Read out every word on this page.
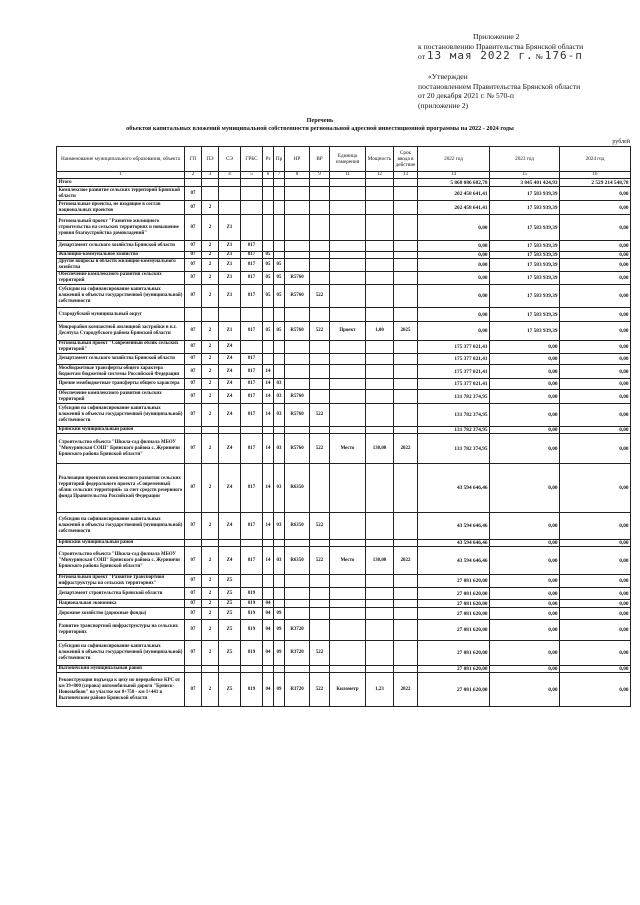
Приложение 2
к постановлению Правительства Брянской области
от 13 мая 2022 г. № 176-п
«Утвержден
постановлением Правительства Брянской области
от 20 декабря 2021 г. № 570-п
(приложение 2)
Перечень
объектов капитальных вложений муниципальной собственности региональной адресной инвестиционной программы на 2022 - 2024 годы
рублей
Наименование муниципального образования, объекта	ГП	ПЭ	СЭ	ГРБС	Рз	Пр	НР	ВР	Единица измерения	Мощность	Срок ввода в действие	2022 год	2023 год	2024 год
1	2	3	4	5	6	7	8	9	11	12	13	14	15	16
Итого												5 868 086 682,78	3 845 401 424,93	2 529 214 548,78
Комплексное развитие сельских территорий Брянской области	07											202 458 641,41	17 583 939,39	0,00
Региональные проекты, не входящие в состав национальных проектов	07	2										202 458 641,41	17 583 939,39	0,00
Региональный проект "Развитие жилищного строительства на сельских территориях и повышение уровня благоустройства домовладений"	07	2	Z1									0,00	17 583 939,39	0,00
Департамент сельского хозяйства Брянской области	07	2	Z1	817								0,00	17 583 939,39	0,00
Жилищно-коммунальное хозяйство	07	2	Z1	817	05							0,00	17 583 939,39	0,00
Другие вопросы в области жилищно-коммунального хозяйства	07	2	Z1	817	05	05						0,00	17 583 939,39	0,00
Обеспечение комплексного развития сельских территорий	07	2	Z1	817	05	05	R5760					0,00	17 583 939,39	0,00
Субсидии на софинансирование капитальных вложений в объекты государственной (муниципальной) собственности	07	2	Z1	817	05	05	R5760	522				0,00	17 583 939,39	0,00
Стародубский муниципальный округ												0,00	17 583 939,39	0,00
Микрорайон компактной жилищной застройки в п.г. Десятуха Стародубского района Брянской области	07	2	Z1	817	05	05	R5760	522	Проект	1,00	2025	0,00	17 583 939,39	0,00
Региональный проект "Современный облик сельских территорий"	07	2	Z4									175 377 021,41	0,00	0,00
Департамент сельского хозяйства Брянской области	07	2	Z4	817								175 377 021,41	0,00	0,00
Межбюджетные трансферты общего характера бюджетам бюджетной системы Российской Федерации	07	2	Z4	817	14							175 377 021,41	0,00	0,00
Прочие межбюджетные трансферты общего характера	07	2	Z4	817	14	03						175 377 021,41	0,00	0,00
Обеспечение комплексного развития сельских территорий	07	2	Z4	817	14	03	R5760					131 782 374,95	0,00	0,00
Субсидии на софинансирование капитальных вложений в объекты государственной (муниципальной) собственности	07	2	Z4	817	14	03	R5760	522				131 782 374,95	0,00	0,00
Брянский муниципальный район												131 782 374,95	0,00	0,00
Строительство объекта "Школа-сад филиала МБОУ "Мичуринская СОШ" Брянского района с. Журиничи Брянского района Брянской области"	07	2	Z4	817	14	03	R5760	522	Место	130,00	2022	131 782 374,95	0,00	0,00
Реализация проектов комплексного развития сельских территорий федерального проекта «Современный облик сельских территорий» за счет средств резервного фонда Правительства Российской Федерации	07	2	Z4	817	14	03	R6350					43 594 646,46	0,00	0,00
Субсидии на софинансирование капитальных вложений в объекты государственной (муниципальной) собственности	07	2	Z4	817	14	03	R6350	522				43 594 646,46	0,00	0,00
Брянский муниципальный район												43 594 646,46	0,00	0,00
Строительство объекта "Школа-сад филиала МБОУ "Мичуринская СОШ" Брянского района с. Журиничи Брянского района Брянской области"	07	2	Z4	817	14	03	R6350	522	Место	130,00	2022	43 594 646,46	0,00	0,00
Региональный проект "Развитие транспортной инфраструктуры на сельских территориях"	07	2	Z5									27 081 620,00	0,00	0,00
Департамент строительства Брянской области	07	2	Z5	819								27 081 620,00	0,00	0,00
Национальная экономика	07	2	Z5	819	04							27 081 620,00	0,00	0,00
Дорожное хозяйство (дорожные фонды)	07	2	Z5	819	04	09						27 081 620,00	0,00	0,00
Развитие транспортной инфраструктуры на сельских территориях	07	2	Z5	819	04	09	R3720					27 081 620,00	0,00	0,00
Субсидии на софинансирование капитальных вложений в объекты государственной (муниципальной) собственности	07	2	Z5	819	04	09	R3720	522				27 081 620,00	0,00	0,00
Выгоничский муниципальный район												27 081 620,00	0,00	0,00
Реконструкция подъезда к цеху по переработке КРС от км 39+800 (справа) автомобильной дороги "Брянск-Новозыбков" на участке км 0+750 - км 1+441 в Выгоничском районе Брянской области	07	2	Z5	819	04	09	R3720	522	Километр	1,23	2022	27 081 620,00	0,00	0,00
